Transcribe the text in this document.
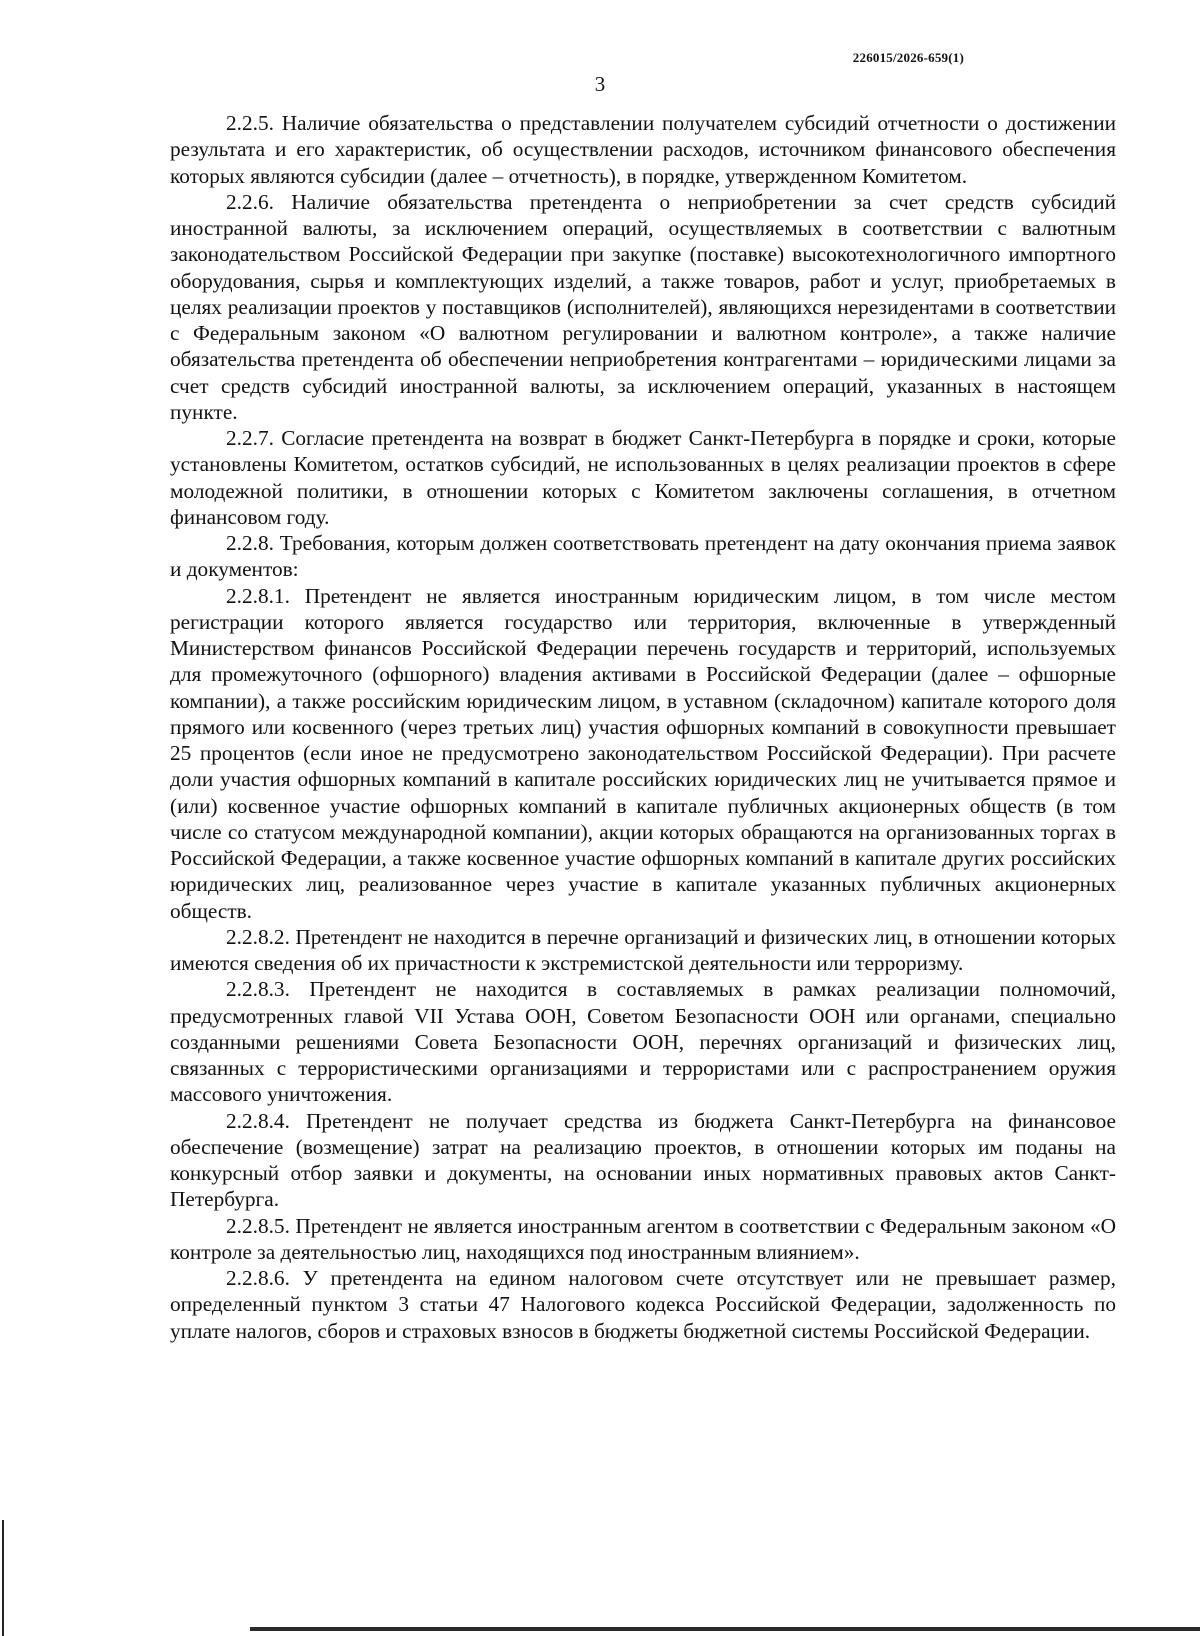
226015/2026-659(1)
3

2.2.5. Наличие обязательства о представлении получателем субсидий отчетности о достижении результата и его характеристик, об осуществлении расходов, источником финансового обеспечения которых являются субсидии (далее – отчетность), в порядке, утвержденном Комитетом.

2.2.6. Наличие обязательства претендента о неприобретении за счет средств субсидий иностранной валюты, за исключением операций, осуществляемых в соответствии с валютным законодательством Российской Федерации при закупке (поставке) высокотехнологичного импортного оборудования, сырья и комплектующих изделий, а также товаров, работ и услуг, приобретаемых в целях реализации проектов у поставщиков (исполнителей), являющихся нерезидентами в соответствии с Федеральным законом «О валютном регулировании и валютном контроле», а также наличие обязательства претендента об обеспечении неприобретения контрагентами – юридическими лицами за счет средств субсидий иностранной валюты, за исключением операций, указанных в настоящем пункте.

2.2.7. Согласие претендента на возврат в бюджет Санкт-Петербурга в порядке и сроки, которые установлены Комитетом, остатков субсидий, не использованных в целях реализации проектов в сфере молодежной политики, в отношении которых с Комитетом заключены соглашения, в отчетном финансовом году.

2.2.8. Требования, которым должен соответствовать претендент на дату окончания приема заявок и документов:

2.2.8.1. Претендент не является иностранным юридическим лицом, в том числе местом регистрации которого является государство или территория, включенные в утвержденный Министерством финансов Российской Федерации перечень государств и территорий, используемых для промежуточного (офшорного) владения активами в Российской Федерации (далее – офшорные компании), а также российским юридическим лицом, в уставном (складочном) капитале которого доля прямого или косвенного (через третьих лиц) участия офшорных компаний в совокупности превышает 25 процентов (если иное не предусмотрено законодательством Российской Федерации). При расчете доли участия офшорных компаний в капитале российских юридических лиц не учитывается прямое и (или) косвенное участие офшорных компаний в капитале публичных акционерных обществ (в том числе со статусом международной компании), акции которых обращаются на организованных торгах в Российской Федерации, а также косвенное участие офшорных компаний в капитале других российских юридических лиц, реализованное через участие в капитале указанных публичных акционерных обществ.

2.2.8.2. Претендент не находится в перечне организаций и физических лиц, в отношении которых имеются сведения об их причастности к экстремистской деятельности или терроризму.

2.2.8.3. Претендент не находится в составляемых в рамках реализации полномочий, предусмотренных главой VII Устава ООН, Советом Безопасности ООН или органами, специально созданными решениями Совета Безопасности ООН, перечнях организаций и физических лиц, связанных с террористическими организациями и террористами или с распространением оружия массового уничтожения.

2.2.8.4. Претендент не получает средства из бюджета Санкт-Петербурга на финансовое обеспечение (возмещение) затрат на реализацию проектов, в отношении которых им поданы на конкурсный отбор заявки и документы, на основании иных нормативных правовых актов Санкт-Петербурга.

2.2.8.5. Претендент не является иностранным агентом в соответствии с Федеральным законом «О контроле за деятельностью лиц, находящихся под иностранным влиянием».

2.2.8.6. У претендента на едином налоговом счете отсутствует или не превышает размер, определенный пунктом 3 статьи 47 Налогового кодекса Российской Федерации, задолженность по уплате налогов, сборов и страховых взносов в бюджеты бюджетной системы Российской Федерации.
